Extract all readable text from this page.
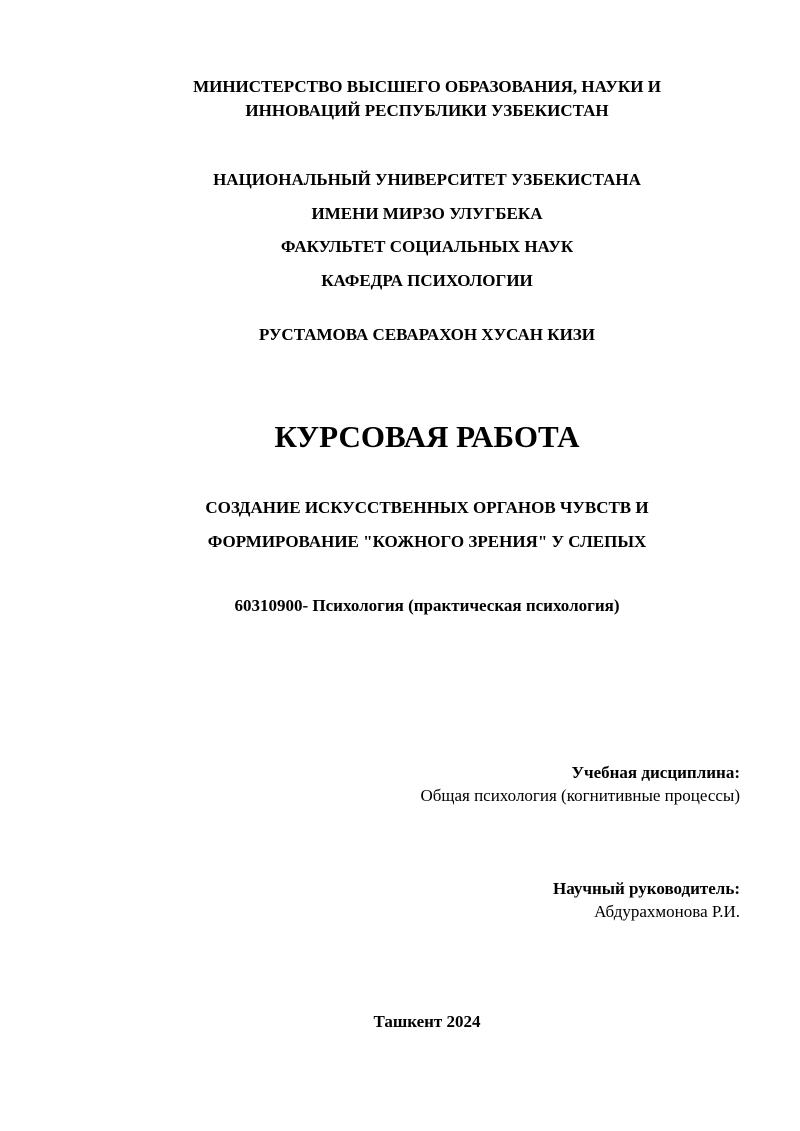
МИНИСТЕРСТВО ВЫСШЕГО ОБРАЗОВАНИЯ, НАУКИ И
ИННОВАЦИЙ РЕСПУБЛИКИ УЗБЕКИСТАН
НАЦИОНАЛЬНЫЙ УНИВЕРСИТЕТ УЗБЕКИСТАНА
ИМЕНИ МИРЗО УЛУГБЕКА
ФАКУЛЬТЕТ СОЦИАЛЬНЫХ НАУК
КАФЕДРА ПСИХОЛОГИИ
РУСТАМОВА СЕВАРАХОН ХУСАН КИЗИ
КУРСОВАЯ РАБОТА
СОЗДАНИЕ ИСКУССТВЕННЫХ ОРГАНОВ ЧУВСТВ И
ФОРМИРОВАНИЕ "КОЖНОГО ЗРЕНИЯ" У СЛЕПЫХ
60310900- Психология (практическая психология)
Учебная дисциплина:
Общая психология (когнитивные процессы)
Научный руководитель:
Абдурахмонова Р.И.
Ташкент 2024
